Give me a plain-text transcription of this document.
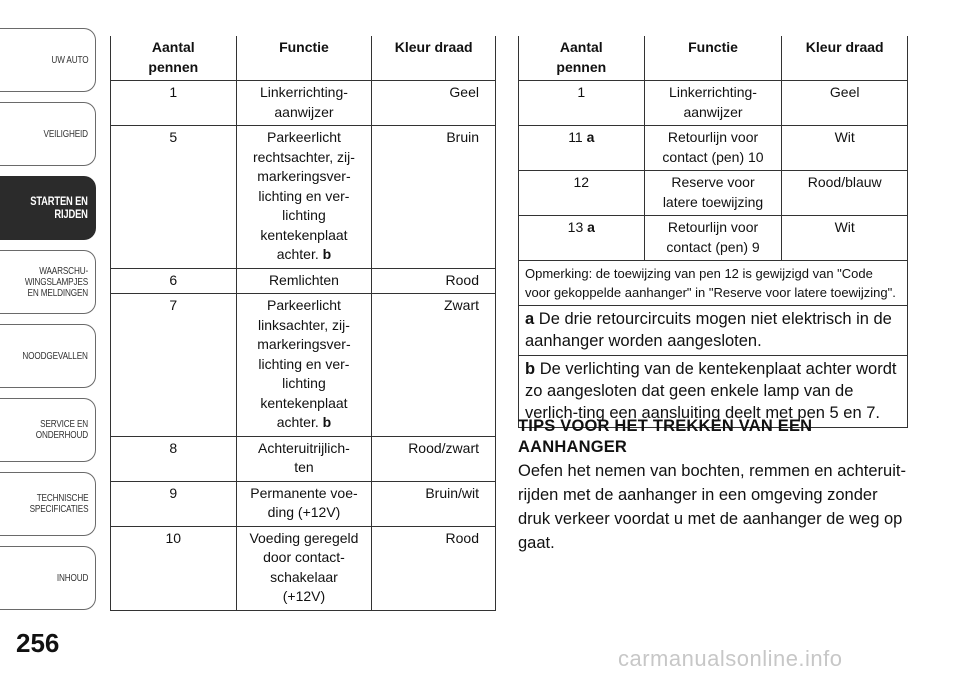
UW AUTO
VEILIGHEID
STARTEN EN
RIJDEN
WAARSCHU-
WINGSLAMPJES
EN MELDINGEN
NOODGEVALLEN
SERVICE EN
ONDERHOUD
TECHNISCHE
SPECIFICATIES
INHOUD
256
Aantal pennen	Functie	Kleur draad
1	Linkerrichting-aanwijzer	Geel
5	Parkeerlicht rechtsachter, zij-markeringsver-lichting en ver-lichting kentekenplaat achter. b	Bruin
6	Remlichten	Rood
7	Parkeerlicht linksachter, zij-markeringsver-lichting en ver-lichting kentekenplaat achter. b	Zwart
8	Achteruitrijlich-ten	Rood/zwart
9	Permanente voe-ding (+12V)	Bruin/wit
10	Voeding geregeld door contact-schakelaar (+12V)	Rood
Aantal pennen	Functie	Kleur draad
1	Linkerrichting-aanwijzer	Geel
11 a	Retourlijn voor contact (pen) 10	Wit
12	Reserve voor latere toewijzing	Rood/blauw
13 a	Retourlijn voor contact (pen) 9	Wit
Opmerking: de toewijzing van pen 12 is gewijzigd van "Code voor gekoppelde aanhanger" in "Reserve voor latere toewijzing".		
a De drie retourcircuits mogen niet elektrisch in de aanhanger worden aangesloten.		
b De verlichting van de kentekenplaat achter wordt zo aangesloten dat geen enkele lamp van de verlich-ting een aansluiting deelt met pen 5 en 7.		
TIPS VOOR HET TREKKEN VAN EEN AANHANGER
Oefen het nemen van bochten, remmen en achteruit-rijden met de aanhanger in een omgeving zonder druk verkeer voordat u met de aanhanger de weg op gaat.
carmanualsonline.info
